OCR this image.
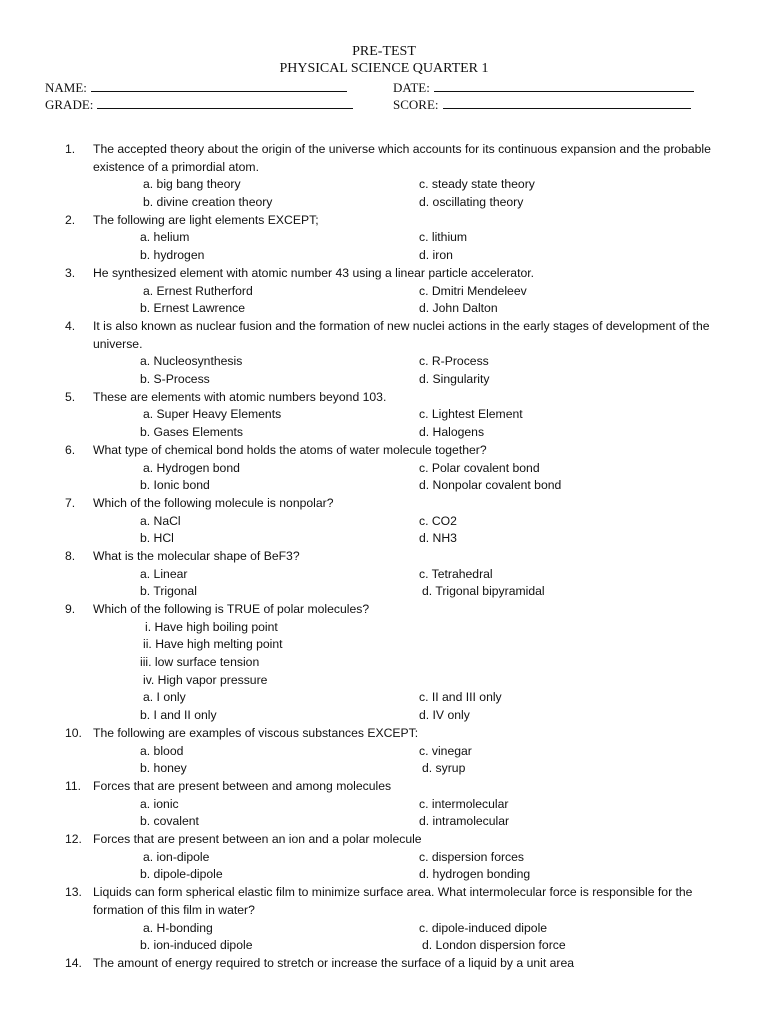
PRE-TEST
PHYSICAL SCIENCE QUARTER 1
NAME:	DATE:
GRADE:	SCORE:
1.	The accepted theory about the origin of the universe which accounts for its continuous expansion and the probable existence of a primordial atom.
a. big bang theory	c. steady state theory
b. divine creation theory	d. oscillating theory
2.	The following are light elements EXCEPT;
a. helium	c. lithium
b. hydrogen	d. iron
3.	He synthesized element with atomic number 43 using a linear particle accelerator.
a. Ernest Rutherford	c. Dmitri Mendeleev
b. Ernest Lawrence	d. John Dalton
4.	It is also known as nuclear fusion and the formation of new nuclei actions in the early stages of development of the universe.
a. Nucleosynthesis	c. R-Process
b. S-Process	d. Singularity
5.	These are elements with atomic numbers beyond 103.
a. Super Heavy Elements	c. Lightest Element
b. Gases Elements	d. Halogens
6.	What type of chemical bond holds the atoms of water molecule together?
a. Hydrogen bond	c. Polar covalent bond
b. Ionic bond	d. Nonpolar covalent bond
7.	Which of the following molecule is nonpolar?
a. NaCl	c. CO2
b. HCl	d. NH3
8.	What is the molecular shape of BeF3?
a. Linear	c. Tetrahedral
b. Trigonal	d. Trigonal bipyramidal
9.	Which of the following is TRUE of polar molecules?
i. Have high boiling point
ii. Have high melting point
iii. low surface tension
iv. High vapor pressure
a. I only	c. II and III only
b. I and II only	d. IV only
10. The following are examples of viscous substances EXCEPT:
a. blood	c. vinegar
b. honey	d. syrup
11. Forces that are present between and among molecules
a. ionic	c. intermolecular
b. covalent	d. intramolecular
12. Forces that are present between an ion and a polar molecule
a. ion-dipole	c. dispersion forces
b. dipole-dipole	d. hydrogen bonding
13. Liquids can form spherical elastic film to minimize surface area. What intermolecular force is responsible for the formation of this film in water?
a. H-bonding	c. dipole-induced dipole
b. ion-induced dipole	d. London dispersion force
14. The amount of energy required to stretch or increase the surface of a liquid by a unit area
